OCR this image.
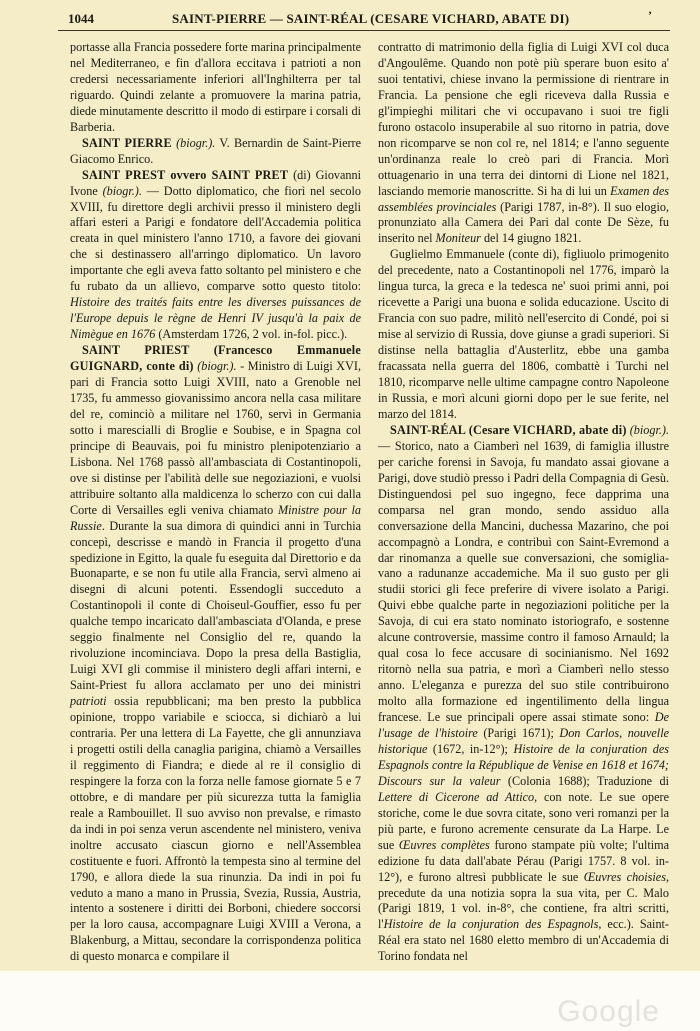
1044	SAINT-PIERRE — SAINT-RÉAL (CESARE VICHARD, ABATE DI)	’

portasse alla Francia possedere forte marina principalmente nel Mediterraneo, e fin d'allora eccitava i patrioti a non credersi necessariamente inferiori all'Inghilterra per tal riguardo. Quindi zelante a promuovere la marina patria, diede minutamente descritto il modo di estirpare i corsali di Barberia.

SAINT PIERRE (biogr.). V. Bernardin de Saint-Pierre Giacomo Enrico.

SAINT PREST ovvero SAINT PRET (di) Giovanni Ivone (biogr.). — Dotto diplomatico, che fiorì nel secolo XVIII, fu direttore degli archivii presso il ministero degli affari esteri a Parigi e fondatore dell'Accademia politica creata in quel ministero l'anno 1710, a favore dei giovani che si destinassero all'arringo diplomatico. Un lavoro importante che egli aveva fatto soltanto pel ministero e che fu rubato da un allievo, comparve sotto questo titolo: Histoire des traités faits entre les diverses puissances de l'Europe depuis le règne de Henri IV jusqu'à la paix de Nimègue en 1676 (Amsterdam 1726, 2 vol. in-fol. picc.).

SAINT PRIEST (Francesco Emmanuele GUIGNARD, conte di) (biogr.). - Ministro di Luigi XVI, pari di Francia sotto Luigi XVIII, nato a Grenoble nel 1735, fu ammesso giovanissimo ancora nella casa militare del re, cominciò a militare nel 1760, servì in Germania sotto i marescialli di Broglie e Soubise, e in Spagna col principe di Beauvais, poi fu ministro plenipotenziario a Lisbona. Nel 1768 passò all'ambasciata di Costantinopoli, ove si distinse per l'abilità delle sue negoziazioni, e vuolsi attribuire soltanto alla maldicenza lo scherzo con cui dalla Corte di Versailles egli veniva chiamato Ministre pour la Russie. Durante la sua dimora di quindici anni in Turchia concepì, descrisse e mandò in Francia il progetto d'una spedizione in Egitto, la quale fu eseguita dal Direttorio e da Buonaparte, e se non fu utile alla Francia, servì almeno ai disegni di alcuni potenti. Essendogli succeduto a Costantinopoli il conte di Choiseul-Gouffier, esso fu per qualche tempo incaricato dall'ambasciata d'Olanda, e prese seggio finalmente nel Consiglio del re, quando la rivoluzione incominciava. Dopo la presa della Bastiglia, Luigi XVI gli commise il ministero degli affari interni, e Saint-Priest fu allora acclamato per uno dei ministri patrioti ossia repubblicani; ma ben presto la pubblica opinione, troppo variabile e sciocca, si dichiarò a lui contraria. Per una lettera di La Fayette, che gli annunziava i progetti ostili della canaglia parigina, chiamò a Versailles il reggimento di Fiandra; e diede al re il consiglio di respingere la forza con la forza nelle famose giornate 5 e 7 ottobre, e di mandare per più sicurezza tutta la famiglia reale a Rambouillet. Il suo avviso non prevalse, e rimasto da indi in poi senza verun ascendente nel ministero, veniva inoltre accusato ciascun giorno e nell'Assemblea costituente e fuori. Affrontò la tempesta sino al termine del 1790, e allora diede la sua rinunzia. Da indi in poi fu veduto a mano a mano in Prussia, Svezia, Russia, Austria, intento a sostenere i diritti dei Borboni, chiedere soccorsi per la loro causa, accompagnare Luigi XVIII a Verona, a Blakenburg, a Mittau, secondare la corrispondenza politica di questo monarca e compilare il

contratto di matrimonio della figlia di Luigi XVI col duca d'Angoulême. Quando non potè più sperare buon esito a' suoi tentativi, chiese invano la permissione di rientrare in Francia. La pensione che egli riceveva dalla Russia e gl'impieghi militari che vi occupavano i suoi tre figli furono ostacolo insuperabile al suo ritorno in patria, dove non ricomparve se non col re, nel 1814; e l'anno seguente un'ordinanza reale lo creò pari di Francia. Morì ottuagenario in una terra dei dintorni di Lione nel 1821, lasciando memorie manoscritte. Si ha di lui un Examen des assemblées provinciales (Parigi 1787, in-8°). Il suo elogio, pronunziato alla Camera dei Pari dal conte De Sèze, fu inserito nel Moniteur del 14 giugno 1821.

Guglielmo Emmanuele (conte di), figliuolo primogenito del precedente, nato a Costantinopoli nel 1776, imparò la lingua turca, la greca e la tedesca ne' suoi primi anni, poi ricevette a Parigi una buona e solida educazione. Uscito di Francia con suo padre, militò nell'esercito di Condé, poi si mise al servizio di Russia, dove giunse a gradi superiori. Si distinse nella battaglia d'Austerlitz, ebbe una gamba fracassata nella guerra del 1806, combattè i Turchi nel 1810, ricomparve nelle ultime campagne contro Napoleone in Russia, e morì alcuni giorni dopo per le sue ferite, nel marzo del 1814.

SAINT-RÉAL (Cesare VICHARD, abate di) (biogr.). — Storico, nato a Ciamberì nel 1639, di famiglia illustre per cariche forensi in Savoja, fu mandato assai giovane a Parigi, dove studiò presso i Padri della Compagnia di Gesù. Distinguendosi pel suo ingegno, fece dapprima una comparsa nel gran mondo, sendo assiduo alla conversazione della Mancini, duchessa Mazarino, che poi accompagnò a Londra, e contribuì con Saint-Evremond a dar rinomanza a quelle sue conversazioni, che somigliavano a radunanze accademiche. Ma il suo gusto per gli studii storici gli fece preferire di vivere isolato a Parigi. Quivi ebbe qualche parte in negoziazioni politiche per la Savoja, di cui era stato nominato istoriografo, e sostenne alcune controversie, massime contro il famoso Arnauld; la qual cosa lo fece accusare di socinianismo. Nel 1692 ritornò nella sua patria, e morì a Ciamberì nello stesso anno. L'eleganza e purezza del suo stile contribuirono molto alla formazione ed ingentilimento della lingua francese. Le sue principali opere assai stimate sono: De l'usage de l'histoire (Parigi 1671); Don Carlos, nouvelle historique (1672, in-12°); Histoire de la conjuration des Espagnols contre la République de Venise en 1618 et 1674; Discours sur la valeur (Colonia 1688); Traduzione di Lettere di Cicerone ad Attico, con note. Le sue opere storiche, come le due sovra citate, sono veri romanzi per la più parte, e furono acremente censurate da La Harpe. Le sue Œuvres complètes furono stampate più volte; l'ultima edizione fu data dall'abate Pérau (Parigi 1757. 8 vol. in-12°), e furono altresì pubblicate le sue Œuvres choisies, precedute da una notizia sopra la sua vita, per C. Malo (Parigi 1819, 1 vol. in-8°, che contiene, fra altri scritti, l'Histoire de la conjuration des Espagnols, ecc.). Saint-Réal era stato nel 1680 eletto membro di un'Accademia di Torino fondata nel

Google
